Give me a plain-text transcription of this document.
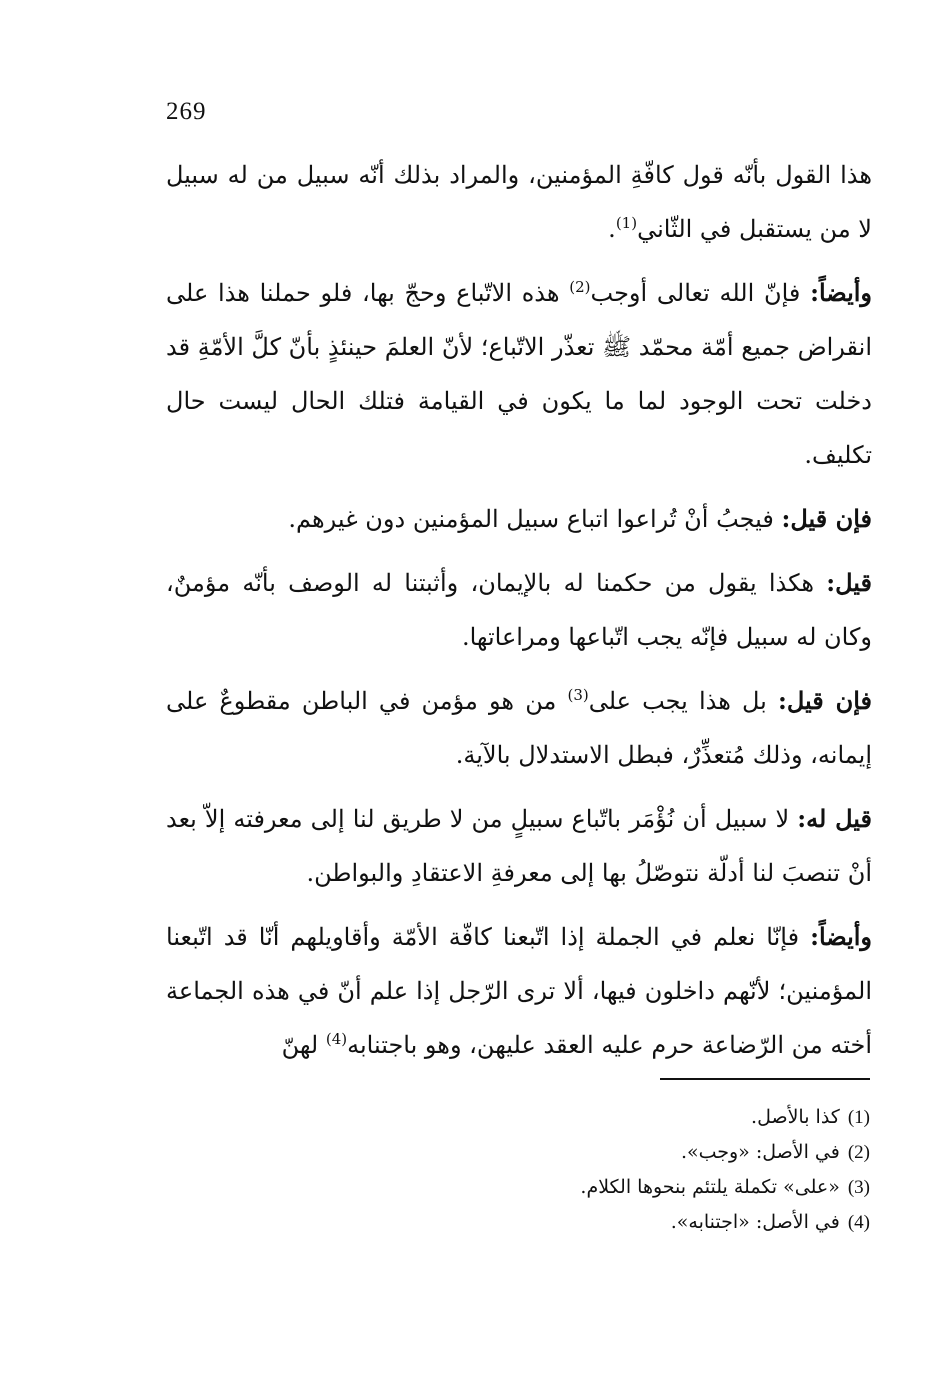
269

هذا القول بأنّه قول كافّةِ المؤمنين، والمراد بذلك أنّه سبيل من له سبيل لا من يستقبل في الثّاني$^{(1)}$.

وأيضاً: فإنّ الله تعالى أوجب$^{(2)}$ هذه الاتّباع وحجّ بها، فلو حملنا هذا على انقراض جميع أمّة محمّد ﷺ تعذّر الاتّباع؛ لأنّ العلمَ حينئذٍ بأنّ كلَّ الأمّةِ قد دخلت تحت الوجود لما ما يكون في القيامة فتلك الحال ليست حال تكليف.

فإن قيل: فيجبُ أنْ تُراعوا اتباع سبيل المؤمنين دون غيرهم.

قيل: هكذا يقول من حكمنا له بالإيمان، وأثبتنا له الوصف بأنّه مؤمنٌ، وكان له سبيل فإنّه يجب اتّباعها ومراعاتها.

فإن قيل: بل هذا يجب على$^{(3)}$ من هو مؤمن في الباطن مقطوعٌ على إيمانه، وذلك مُتعذِّرٌ، فبطل الاستدلال بالآية.

قيل له: لا سبيل أن نُؤْمَر باتّباع سبيلٍ من لا طريق لنا إلى معرفته إلاّ بعد أنْ تنصبَ لنا أدلّة نتوصّلُ بها إلى معرفةِ الاعتقادِ والبواطن.

وأيضاً: فإنّا نعلم في الجملة إذا اتّبعنا كافّة الأمّة وأقاويلهم أنّا قد اتّبعنا المؤمنين؛ لأنّهم داخلون فيها، ألا ترى الرّجل إذا علم أنّ في هذه الجماعة أخته من الرّضاعة حرم عليه العقد عليهن، وهو باجتنابه$^{(4)}$ لهنّ

(1)كذا بالأصل.
(2)في الأصل: «وجب».
(3)«على» تكملة يلتئم بنحوها الكلام.
(4)في الأصل: «اجتنابه».
